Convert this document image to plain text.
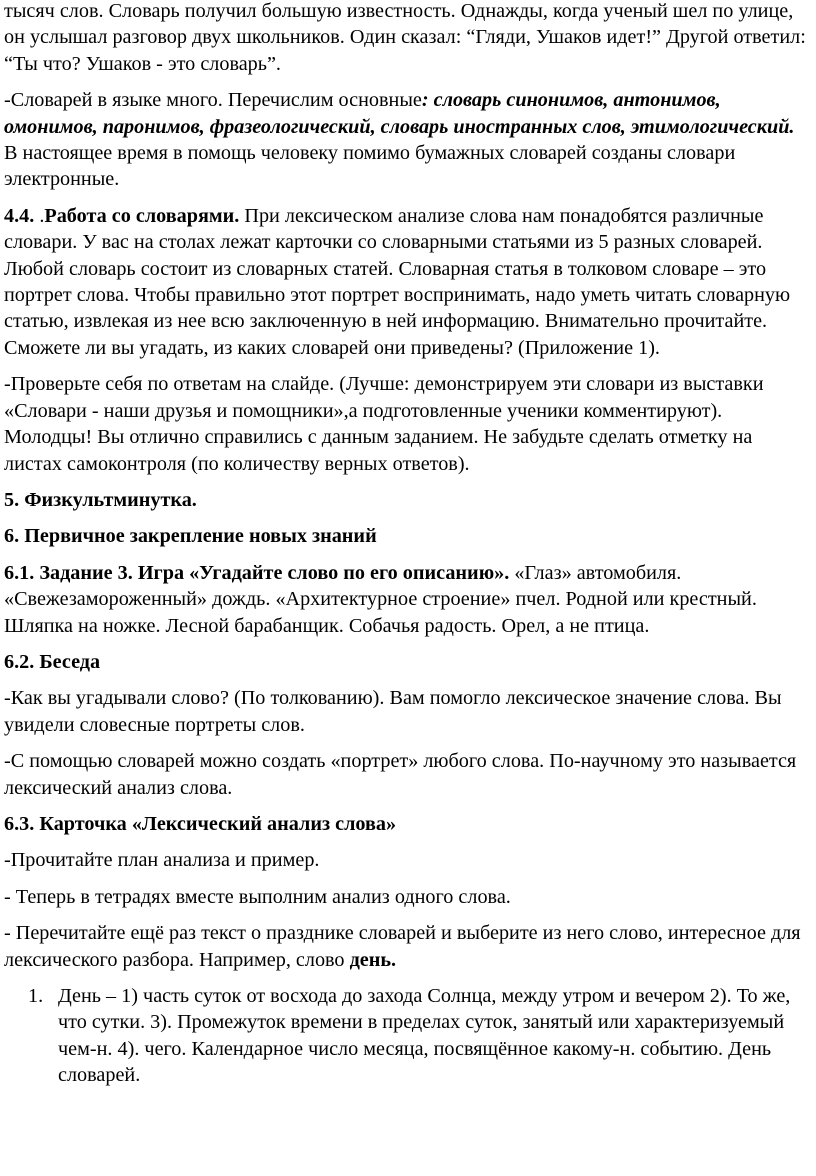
тысяч слов. Словарь получил большую известность. Однажды, когда ученый шел по улице, он услышал разговор двух школьников. Один сказал: “Гляди, Ушаков идет!” Другой ответил: “Ты что? Ушаков - это словарь”.

-Словарей в языке много. Перечислим основные: словарь синонимов, антонимов, омонимов, паронимов, фразеологический, словарь иностранных слов, этимологический. В настоящее время в помощь человеку помимо бумажных словарей созданы словари электронные.

4.4. .Работа со словарями. При лексическом анализе слова нам понадобятся различные словари. У вас на столах лежат карточки со словарными статьями из 5 разных словарей. Любой словарь состоит из словарных статей. Словарная статья в толковом словаре – это портрет слова. Чтобы правильно этот портрет воспринимать, надо уметь читать словарную статью, извлекая из нее всю заключенную в ней информацию. Внимательно прочитайте. Сможете ли вы угадать, из каких словарей они приведены? (Приложение 1).

-Проверьте себя по ответам на слайде. (Лучше: демонстрируем эти словари из выставки «Словари - наши друзья и помощники»,а подготовленные ученики комментируют). Молодцы! Вы отлично справились с данным заданием. Не забудьте сделать отметку на листах самоконтроля (по количеству верных ответов).

5. Физкультминутка.

6. Первичное закрепление новых знаний

6.1. Задание 3. Игра «Угадайте слово по его описанию». «Глаз» автомобиля. «Свежезамороженный» дождь. «Архитектурное строение» пчел. Родной или крестный. Шляпка на ножке. Лесной барабанщик. Собачья радость. Орел, а не птица.

6.2. Беседа

-Как вы угадывали слово? (По толкованию). Вам помогло лексическое значение слова. Вы увидели словесные портреты слов.

-С помощью словарей можно создать «портрет» любого слова. По-научному это называется лексический анализ слова.

6.3. Карточка «Лексический анализ слова»

-Прочитайте план анализа и пример.

- Теперь в тетрадях вместе выполним анализ одного слова.

- Перечитайте ещё раз текст о празднике словарей и выберите из него слово, интересное для лексического разбора. Например, слово день.

1. День – 1) часть суток от восхода до захода Солнца, между утром и вечером 2). То же, что сутки. 3). Промежуток времени в пределах суток, занятый или характеризуемый чем-н. 4). чего. Календарное число месяца, посвящённое какому-н. событию. День словарей.
